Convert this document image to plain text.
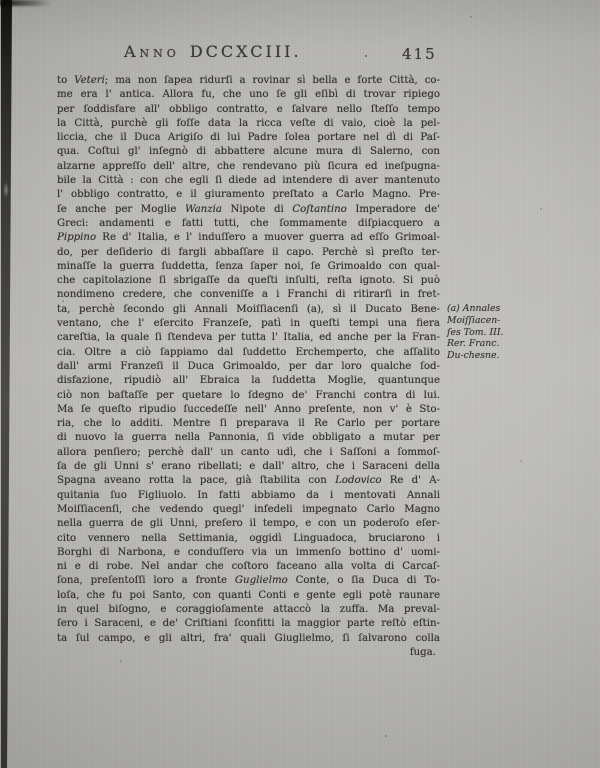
Anno DCCXCIII.	415
to Veteri; ma non ſapea ridurſi a rovinar sì bella e forte Città, co-
me era l' antica. Allora fu, che uno ſe gli eſibì di trovar ripiego
per ſoddisfare all' obbligo contratto, e ſalvare nello ſteſſo tempo
la Città, purchè gli foſſe data la ricca veſte di vaio, cioè la pel-
liccia, che il Duca Arigiſo di lui Padre ſolea portare nel dì di Paſ-
qua. Coſtui gl' inſegnò di abbattere alcune mura di Salerno, con
alzarne appreſſo dell' altre, che rendevano più ſicura ed ineſpugna-
bile la Città : con che egli ſi diede ad intendere di aver mantenuto
l' obbligo contratto, e il giuramento preſtato a Carlo Magno. Pre-
ſe anche per Moglie Wanzia Nipote di Coſtantino Imperadore de'
Greci: andamenti e fatti tutti, che ſommamente diſpiacquero a
Pippino Re d' Italia, e l' induſſero a muover guerra ad eſſo Grimoal-
do, per deſiderio di fargli abbaſſare il capo. Perchè sì preſto ter-
minaſſe la guerra ſuddetta, ſenza ſaper noi, ſe Grimoaldo con qual-
che capitolazione ſi sbrigaſſe da queſti inſulti, reſta ignoto. Si può
nondimeno credere, che conveniſſe a i Franchi di ritirarſi in fret-
ta, perchè ſecondo gli Annali Moiſſiacenſi (a), sì il Ducato Bene-
ventano, che l' eſercito Franzeſe, patì in queſti tempi una fiera
careſtia, la quale ſi ſtendeva per tutta l' Italia, ed anche per la Fran-
cia. Oltre a ciò ſappiamo dal ſuddetto Erchemperto, che aſſalito
dall' armi Franzeſi il Duca Grimoaldo, per dar loro qualche ſod-
disfazione, ripudiò all' Ebraica la ſuddetta Moglie, quantunque
ciò non baſtaſſe per quetare lo ſdegno de' Franchi contra di lui.
Ma ſe queſto ripudio ſuccedeſſe nell' Anno preſente, non v' è Sto-
ria, che lo additi. Mentre ſi preparava il Re Carlo per portare
di nuovo la guerra nella Pannonia, ſi vide obbligato a mutar per
allora penſiero; perchè dall' un canto udì, che i Saſſoni a ſommoſ-
ſa de gli Unni s' erano ribellati; e dall' altro, che i Saraceni della
Spagna aveano rotta la pace, già ſtabilita con Lodovico Re d' A-
quitania ſuo Figliuolo. In fatti abbiamo da i mentovati Annali
Moiſſiacenſi, che vedendo quegl' infedeli impegnato Carlo Magno
nella guerra de gli Unni, preſero il tempo, e con un poderoſo eſer-
cito vennero nella Settimania, oggidì Linguadoca, bruciarono i
Borghi di Narbona, e conduſſero via un immenſo bottino d' uomi-
ni e di robe. Nel andar che coſtoro faceano alla volta di Carcaſ-
ſona, preſentoſſi loro a fronte Guglielmo Conte, o ſia Duca di To-
loſa, che fu poi Santo, con quanti Conti e gente egli potè raunare
in quel biſogno, e coraggioſamente attaccò la zuffa. Ma preval-
ſero i Saraceni, e de' Criſtiani ſconfitti la maggior parte reſtò eſtin-
ta ſul campo, e gli altri, fra' quali Giuglielmo, ſi ſalvarono colla
fuga.
(a) Annales
Moiſſiacen-
ſes Tom. III.
Rer. Franc.
Du-chesne.
